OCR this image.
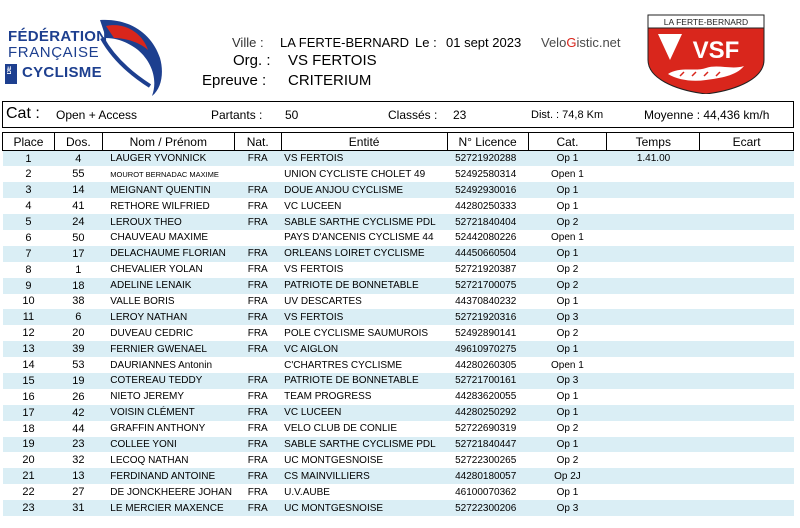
FÉDÉRATION
FRANÇAISE
DE CYCLISME
Ville : LA FERTE-BERNARD Le : 01 sept 2023 VeloGistic.net
Org. : VS FERTOIS
Epreuve : CRITERIUM
LA FERTE-BERNARD
VSF
Cat : Open + Access	Partants : 50	Classés : 23	Dist. : 74,8 Km	Moyenne : 44,436 km/h
Place	Dos.	Nom / Prénom	Nat.	Entité	N° Licence	Cat.	Temps	Ecart
1	4	LAUGER YVONNICK	FRA	VS FERTOIS	52721920288	Op 1	1.41.00	
2	55	MOUROT BERNADAC MAXIME		UNION CYCLISTE CHOLET 49	52492580314	Open 1		
3	14	MEIGNANT QUENTIN	FRA	DOUE ANJOU CYCLISME	52492930016	Op 1		
4	41	RETHORE WILFRIED	FRA	VC LUCEEN	44280250333	Op 1		
5	24	LEROUX THEO	FRA	SABLE SARTHE CYCLISME PDL	52721840404	Op 2		
6	50	CHAUVEAU MAXIME		PAYS D'ANCENIS CYCLISME 44	52442080226	Open 1		
7	17	DELACHAUME FLORIAN	FRA	ORLEANS LOIRET CYCLISME	44450660504	Op 1		
8	1	CHEVALIER YOLAN	FRA	VS FERTOIS	52721920387	Op 2		
9	18	ADELINE LENAIK	FRA	PATRIOTE DE BONNETABLE	52721700075	Op 2		
10	38	VALLE BORIS	FRA	UV DESCARTES	44370840232	Op 1		
11	6	LEROY NATHAN	FRA	VS FERTOIS	52721920316	Op 3		
12	20	DUVEAU CEDRIC	FRA	POLE CYCLISME SAUMUROIS	52492890141	Op 2		
13	39	FERNIER GWENAEL	FRA	VC AIGLON	49610970275	Op 1		
14	53	DAURIANNES Antonin		C'CHARTRES CYCLISME	44280260305	Open 1		
15	19	COTEREAU TEDDY	FRA	PATRIOTE DE BONNETABLE	52721700161	Op 3		
16	26	NIETO JEREMY	FRA	TEAM PROGRESS	44283620055	Op 1		
17	42	VOISIN CLÉMENT	FRA	VC LUCEEN	44280250292	Op 1		
18	44	GRAFFIN ANTHONY	FRA	VELO CLUB DE CONLIE	52722690319	Op 2		
19	23	COLLEE YONI	FRA	SABLE SARTHE CYCLISME PDL	52721840447	Op 1		
20	32	LECOQ NATHAN	FRA	UC MONTGESNOISE	52722300265	Op 2		
21	13	FERDINAND ANTOINE	FRA	CS MAINVILLIERS	44280180057	Op 2J		
22	27	DE JONCKHEERE JOHAN	FRA	U.V.AUBE	46100070362	Op 1		
23	31	LE MERCIER MAXENCE	FRA	UC MONTGESNOISE	52722300206	Op 3		
